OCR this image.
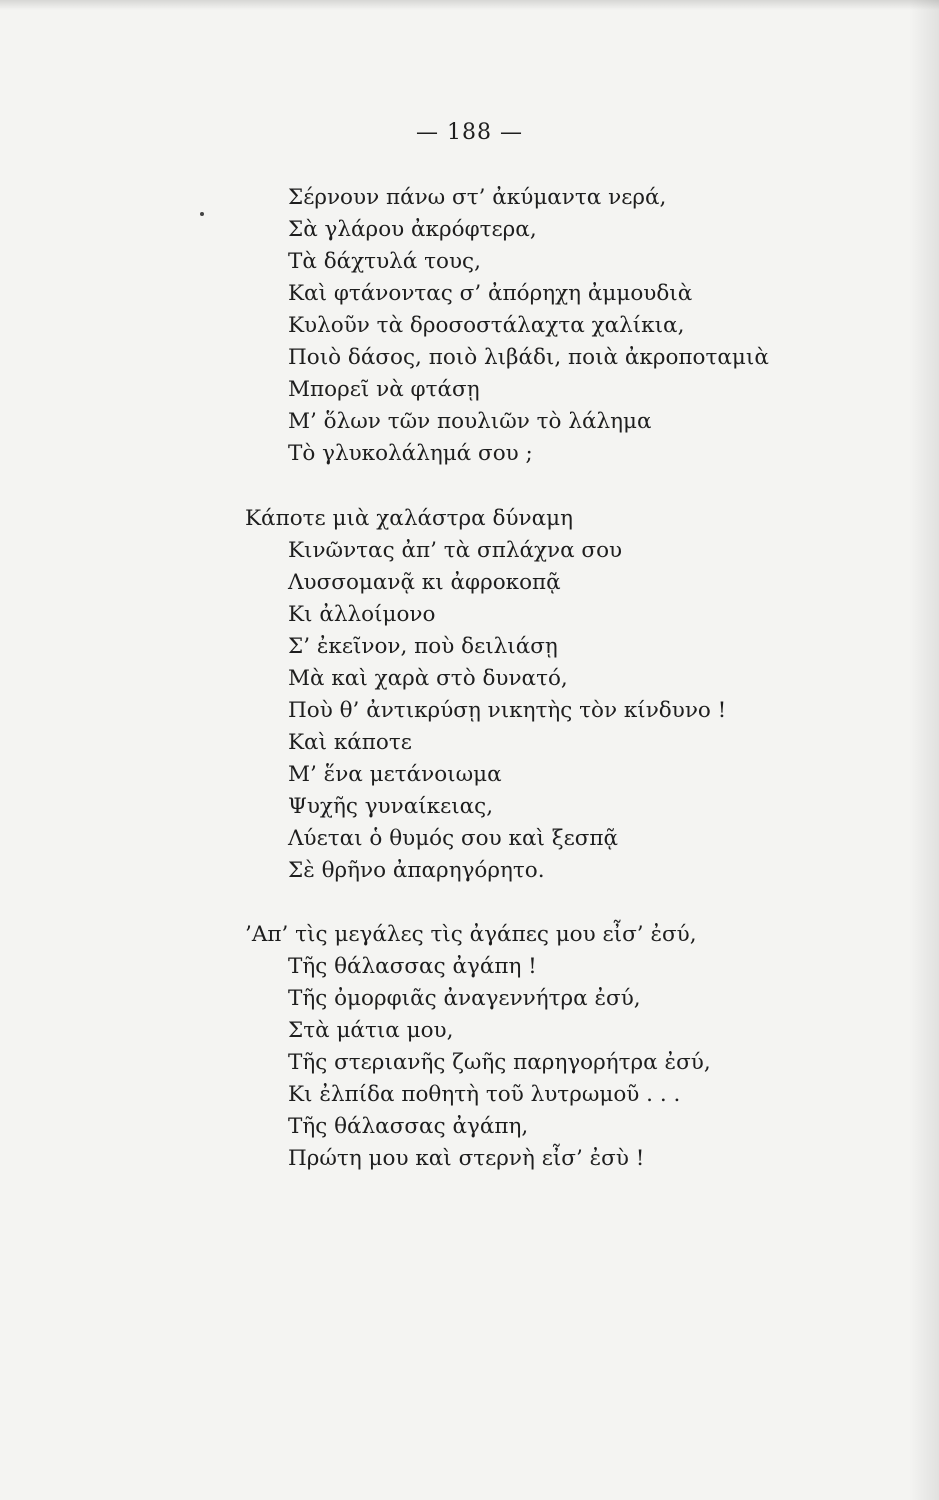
— 188 —
Σέρνουν πάνω στ’ ἀκύμαντα νερά,
Σὰ γλάρου ἀκρόφτερα,
Τὰ δάχτυλά τους,
Καὶ φτάνοντας σ’ ἀπόρηχη ἀμμουδιὰ
Κυλοῦν τὰ δροσοστάλαχτα χαλίκια,
Ποιὸ δάσος, ποιὸ λιβάδι, ποιὰ ἀκροποταμιὰ
Μπορεῖ νὰ φτάσῃ
Μ’ ὅλων τῶν πουλιῶν τὸ λάλημα
Τὸ γλυκολάλημά σου ;
Κάποτε μιὰ χαλάστρα δύναμη
Κινῶντας ἀπ’ τὰ σπλάχνα σου
Λυσσομανᾷ κι ἀφροκοπᾷ
Κι ἀλλοίμονο
Σ’ ἐκεῖνον, ποὺ δειλιάσῃ
Μὰ καὶ χαρὰ στὸ δυνατό,
Ποὺ θ’ ἀντικρύσῃ νικητὴς τὸν κίνδυνο !
Καὶ κάποτε
Μ’ ἕνα μετάνοιωμα
Ψυχῆς γυναίκειας,
Λύεται ὁ θυμός σου καὶ ξεσπᾷ
Σὲ θρῆνο ἀπαρηγόρητο.
’Απ’ τὶς μεγάλες τὶς ἀγάπες μου εἶσ’ ἐσύ,
Τῆς θάλασσας ἀγάπη !
Τῆς ὀμορφιᾶς ἀναγεννήτρα ἐσύ,
Στὰ μάτια μου,
Τῆς στεριανῆς ζωῆς παρηγορήτρα ἐσύ,
Κι ἐλπίδα ποθητὴ τοῦ λυτρωμοῦ . . .
Τῆς θάλασσας ἀγάπη,
Πρώτη μου καὶ στερνὴ εἶσ’ ἐσὺ !
